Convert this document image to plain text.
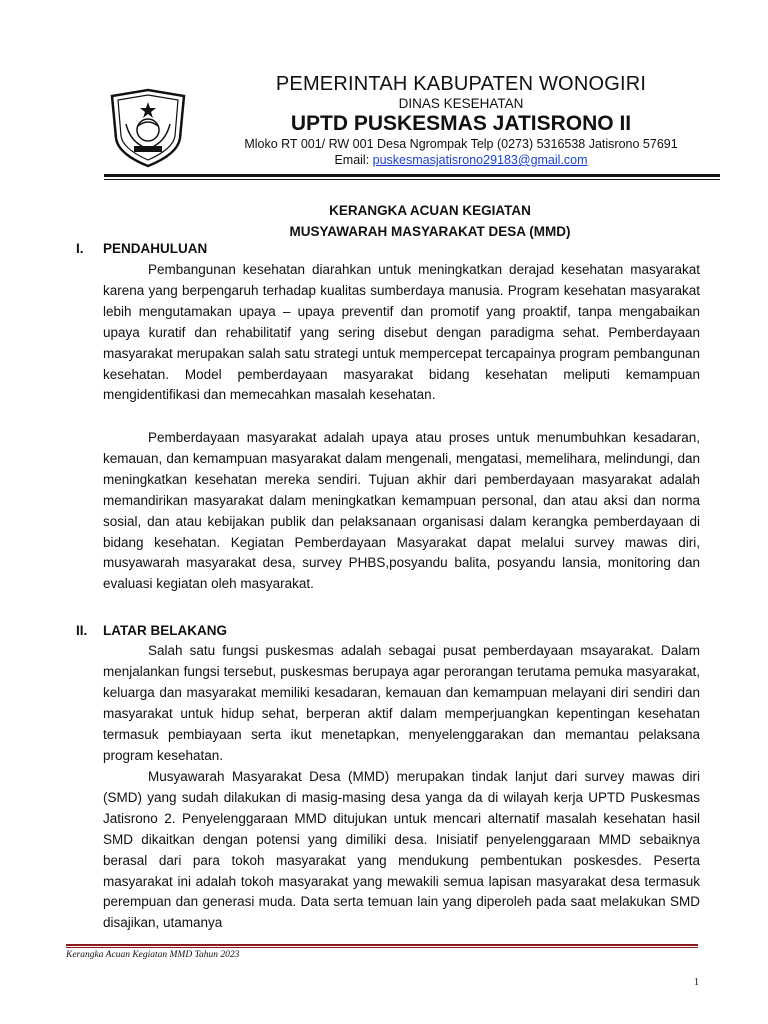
PEMERINTAH KABUPATEN WONOGIRI
DINAS KESEHATAN
UPTD PUSKESMAS JATISRONO II
Mloko RT 001/ RW 001 Desa Ngrompak Telp (0273) 5316538 Jatisrono 57691
Email: puskesmasjatisrono29183@gmail.com
KERANGKA ACUAN KEGIATAN
MUSYAWARAH MASYARAKAT DESA (MMD)
I. PENDAHULUAN
Pembangunan kesehatan diarahkan untuk meningkatkan derajad kesehatan masyarakat karena yang berpengaruh terhadap kualitas sumberdaya manusia. Program kesehatan masyarakat lebih mengutamakan upaya – upaya preventif dan promotif yang proaktif, tanpa mengabaikan upaya kuratif dan rehabilitatif yang sering disebut dengan paradigma sehat. Pemberdayaan masyarakat merupakan salah satu strategi untuk mempercepat tercapainya program pembangunan kesehatan. Model pemberdayaan masyarakat bidang kesehatan meliputi kemampuan mengidentifikasi dan memecahkan masalah kesehatan.
Pemberdayaan masyarakat adalah upaya atau proses untuk menumbuhkan kesadaran, kemauan, dan kemampuan masyarakat dalam mengenali, mengatasi, memelihara, melindungi, dan meningkatkan kesehatan mereka sendiri. Tujuan akhir dari pemberdayaan masyarakat adalah memandirikan masyarakat dalam meningkatkan kemampuan personal, dan atau aksi dan norma sosial, dan atau kebijakan publik dan pelaksanaan organisasi dalam kerangka pemberdayaan di bidang kesehatan. Kegiatan Pemberdayaan Masyarakat dapat melalui survey mawas diri, musyawarah masyarakat desa, survey PHBS,posyandu balita, posyandu lansia, monitoring dan evaluasi kegiatan oleh masyarakat.
II. LATAR BELAKANG
Salah satu fungsi puskesmas adalah sebagai pusat pemberdayaan msayarakat. Dalam menjalankan fungsi tersebut, puskesmas berupaya agar perorangan terutama pemuka masyarakat, keluarga dan masyarakat memiliki kesadaran, kemauan dan kemampuan melayani diri sendiri dan masyarakat untuk hidup sehat, berperan aktif dalam memperjuangkan kepentingan kesehatan termasuk pembiayaan serta ikut menetapkan, menyelenggarakan dan memantau pelaksana program kesehatan.
Musyawarah Masyarakat Desa (MMD) merupakan tindak lanjut dari survey mawas diri (SMD) yang sudah dilakukan di masig-masing desa yanga da di wilayah kerja UPTD Puskesmas Jatisrono 2. Penyelenggaraan MMD ditujukan untuk mencari alternatif masalah kesehatan hasil SMD dikaitkan dengan potensi yang dimiliki desa. Inisiatif penyelenggaraan MMD sebaiknya berasal dari para tokoh masyarakat yang mendukung pembentukan poskesdes. Peserta masyarakat ini adalah tokoh masyarakat yang mewakili semua lapisan masyarakat desa termasuk perempuan dan generasi muda. Data serta temuan lain yang diperoleh pada saat melakukan SMD disajikan, utamanya
Kerangka Acuan Kegiatan MMD Tahun 2023
1
